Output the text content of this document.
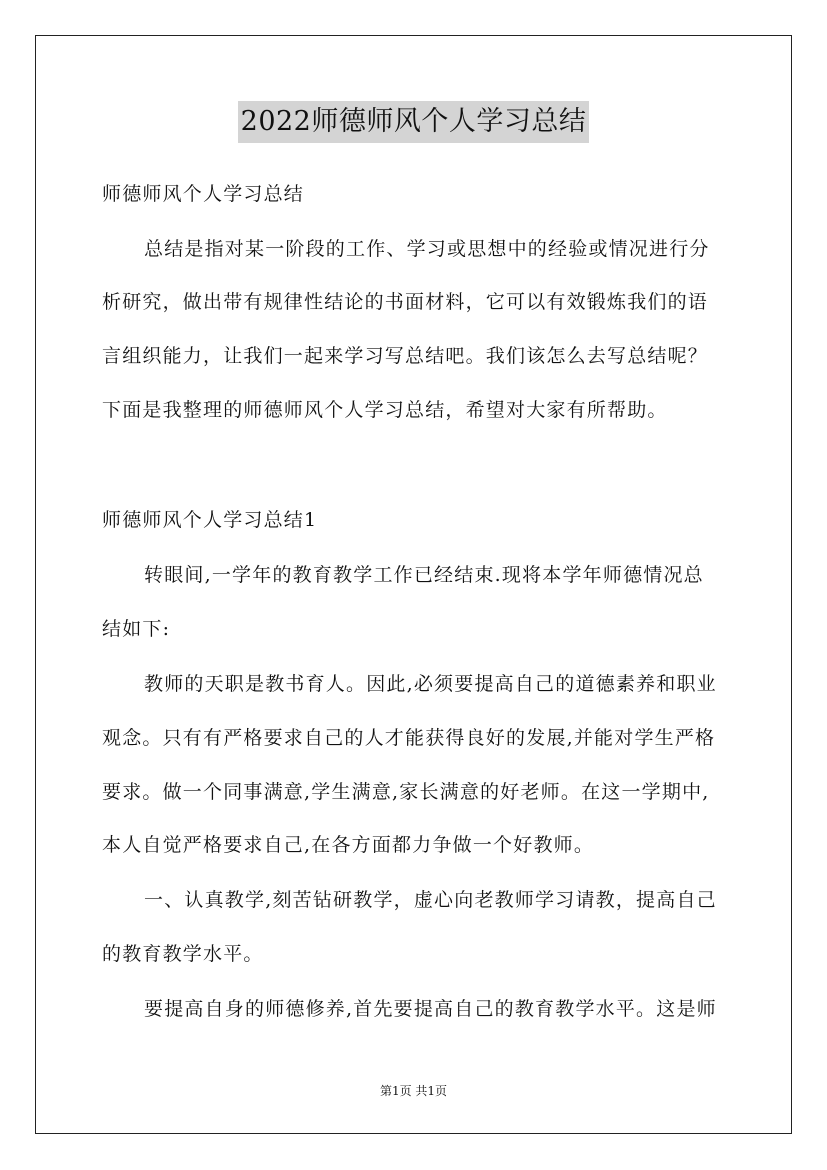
2022师德师风个人学习总结
师德师风个人学习总结
总结是指对某一阶段的工作、学习或思想中的经验或情况进行分
析研究，做出带有规律性结论的书面材料，它可以有效锻炼我们的语
言组织能力，让我们一起来学习写总结吧。我们该怎么去写总结呢？
下面是我整理的师德师风个人学习总结，希望对大家有所帮助。
师德师风个人学习总结1
转眼间,一学年的教育教学工作已经结束.现将本学年师德情况总
结如下:
教师的天职是教书育人。因此,必须要提高自己的道德素养和职业
观念。只有有严格要求自己的人才能获得良好的发展,并能对学生严格
要求。做一个同事满意,学生满意,家长满意的好老师。在这一学期中,
本人自觉严格要求自己,在各方面都力争做一个好教师。
一、认真教学,刻苦钻研教学，虚心向老教师学习请教，提高自己
的教育教学水平。
要提高自身的师德修养,首先要提高自己的教育教学水平。这是师
第1页 共1页
